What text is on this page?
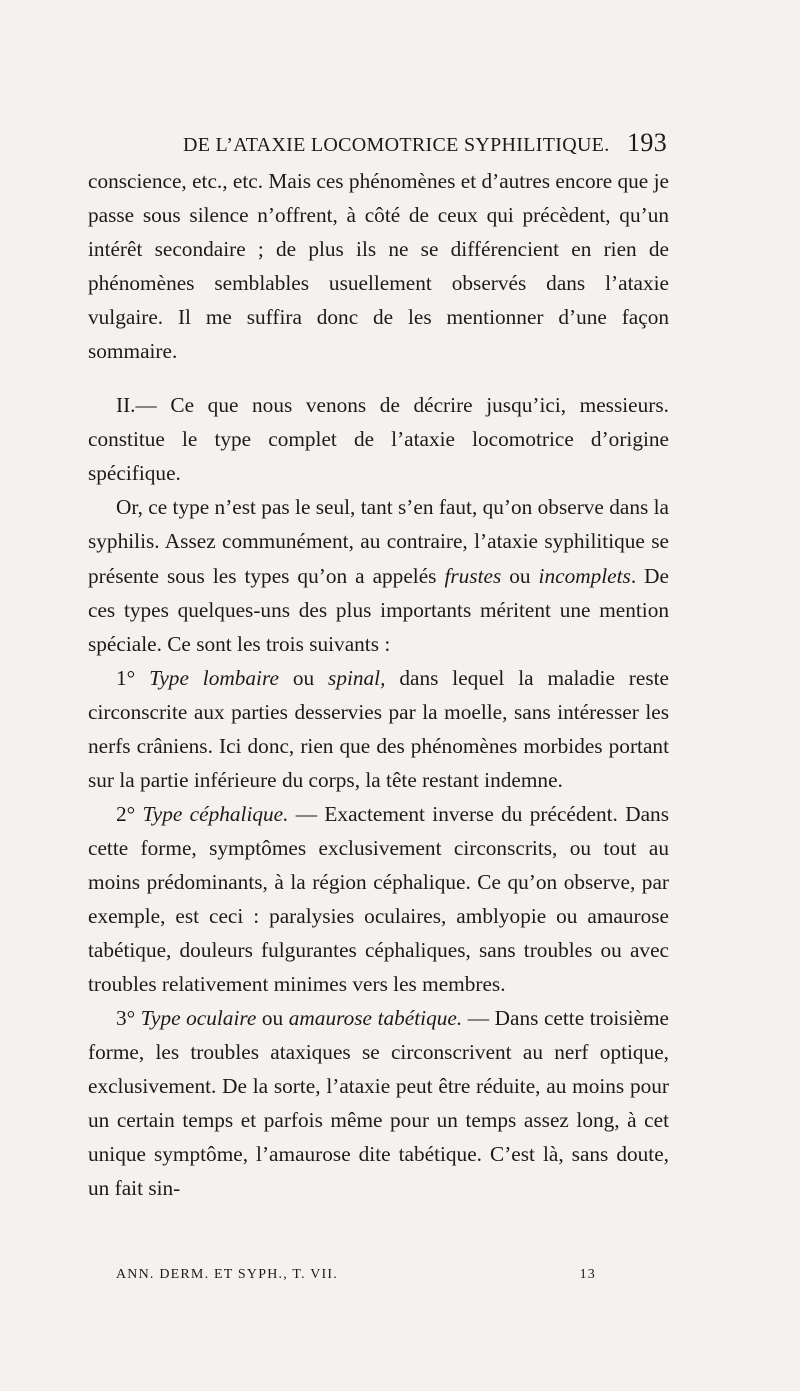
DE L’ATAXIE LOCOMOTRICE SYPHILITIQUE. 193

conscience, etc., etc. Mais ces phénomènes et d’autres encore que je passe sous silence n’offrent, à côté de ceux qui précèdent, qu’un intérêt secondaire ; de plus ils ne se différencient en rien de phénomènes semblables usuellement observés dans l’ataxie vulgaire. Il me suffira donc de les mentionner d’une façon sommaire.

II.— Ce que nous venons de décrire jusqu’ici, messieurs. constitue le type complet de l’ataxie locomotrice d’origine spécifique.

Or, ce type n’est pas le seul, tant s’en faut, qu’on observe dans la syphilis. Assez communément, au contraire, l’ataxie syphilitique se présente sous les types qu’on a appelés frustes ou incomplets. De ces types quelques-uns des plus importants méritent une mention spéciale. Ce sont les trois suivants :

1° Type lombaire ou spinal, dans lequel la maladie reste circonscrite aux parties desservies par la moelle, sans intéresser les nerfs crâniens. Ici donc, rien que des phénomènes morbides portant sur la partie inférieure du corps, la tête restant indemne.

2° Type céphalique. — Exactement inverse du précédent. Dans cette forme, symptômes exclusivement circonscrits, ou tout au moins prédominants, à la région céphalique. Ce qu’on observe, par exemple, est ceci : paralysies oculaires, amblyopie ou amaurose tabétique, douleurs fulgurantes céphaliques, sans troubles ou avec troubles relativement minimes vers les membres.

3° Type oculaire ou amaurose tabétique. — Dans cette troisième forme, les troubles ataxiques se circonscrivent au nerf optique, exclusivement. De la sorte, l’ataxie peut être réduite, au moins pour un certain temps et parfois même pour un temps assez long, à cet unique symptôme, l’amaurose dite tabétique. C’est là, sans doute, un fait sin-

ANN. DERM. ET SYPH., T. VII.	13
